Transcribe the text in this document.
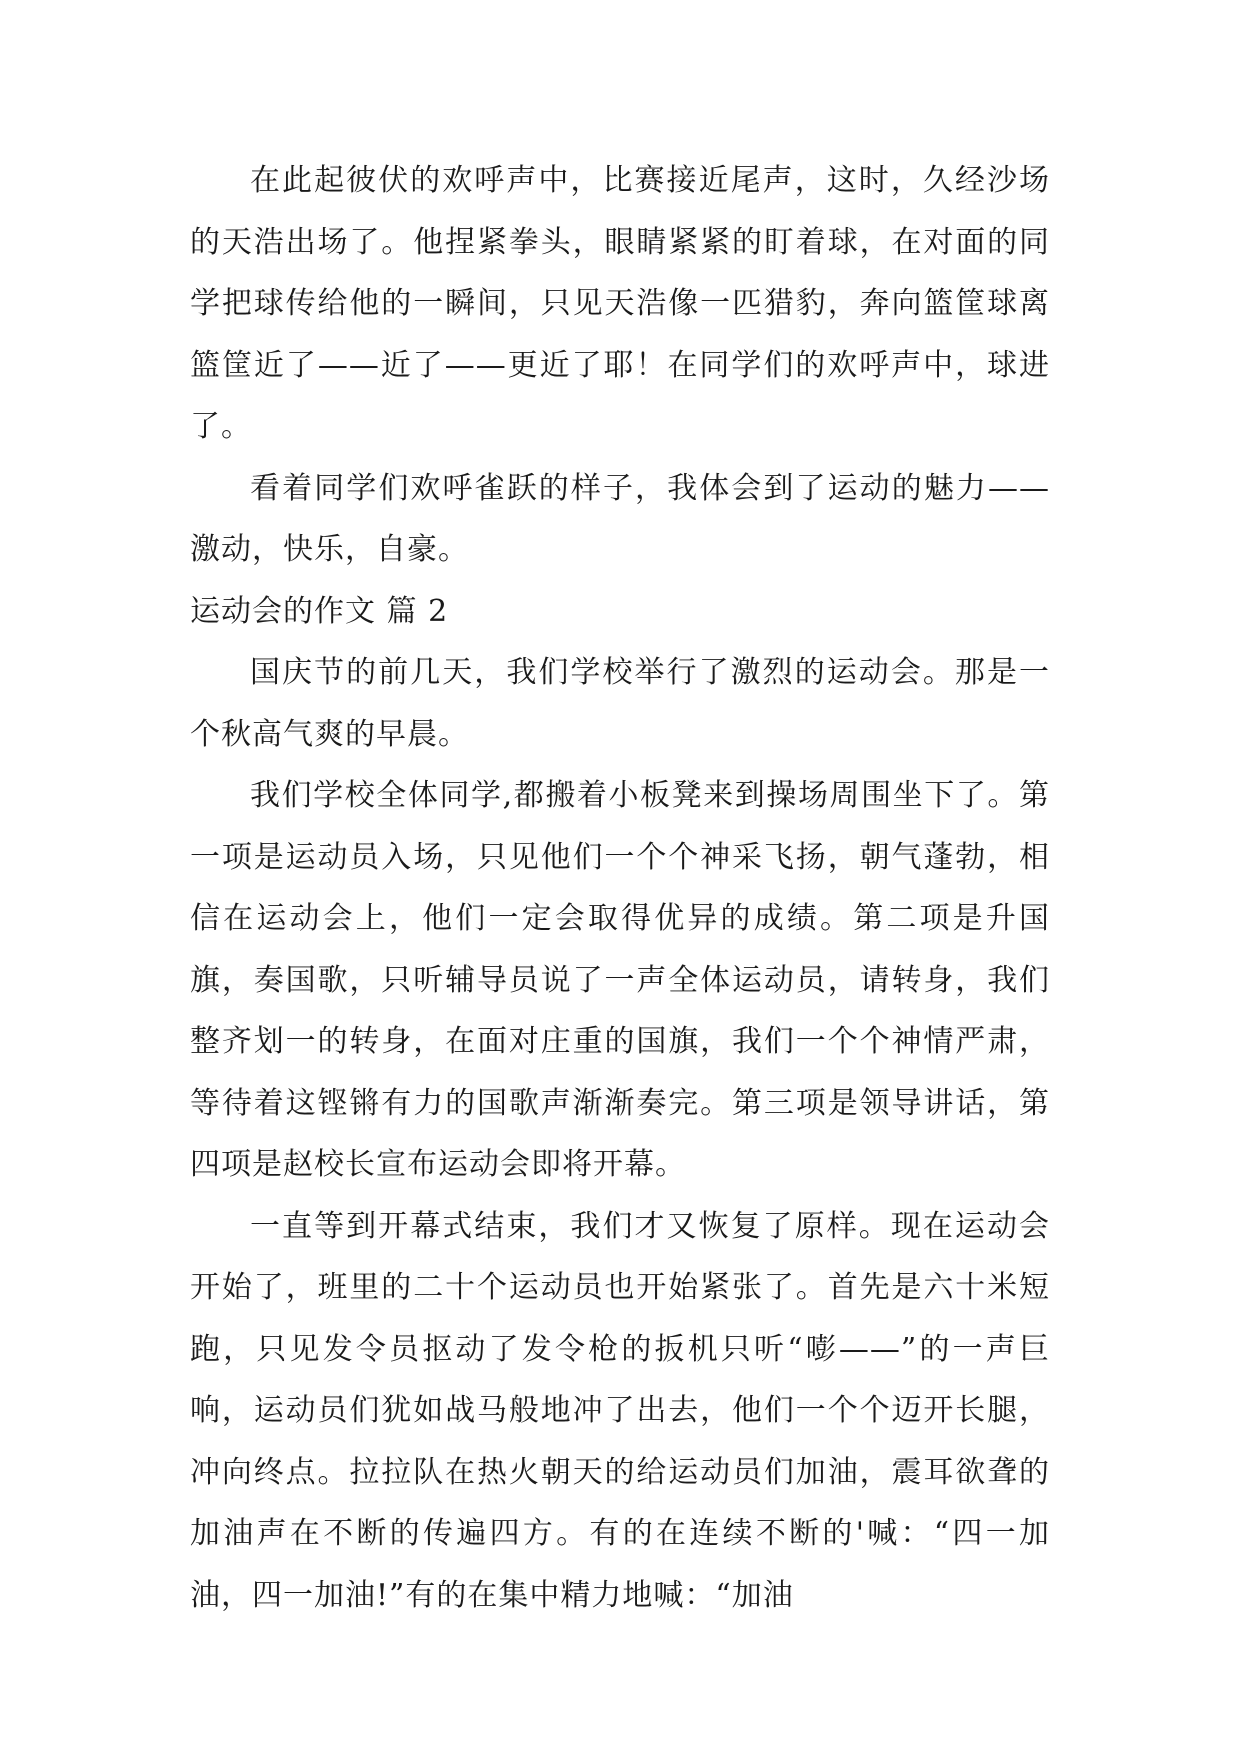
在此起彼伏的欢呼声中，比赛接近尾声，这时，久经沙场的天浩出场了。他捏紧拳头，眼睛紧紧的盯着球，在对面的同学把球传给他的一瞬间，只见天浩像一匹猎豹，奔向篮筐球离篮筐近了——近了——更近了耶！在同学们的欢呼声中，球进了。

看着同学们欢呼雀跃的样子，我体会到了运动的魅力——激动，快乐，自豪。

运动会的作文 篇 2

国庆节的前几天，我们学校举行了激烈的运动会。那是一个秋高气爽的早晨。

我们学校全体同学,都搬着小板凳来到操场周围坐下了。第一项是运动员入场，只见他们一个个神采飞扬，朝气蓬勃，相信在运动会上，他们一定会取得优异的成绩。第二项是升国旗，奏国歌，只听辅导员说了一声全体运动员，请转身，我们整齐划一的转身，在面对庄重的国旗，我们一个个神情严肃，等待着这铿锵有力的国歌声渐渐奏完。第三项是领导讲话，第四项是赵校长宣布运动会即将开幕。

一直等到开幕式结束，我们才又恢复了原样。现在运动会开始了，班里的二十个运动员也开始紧张了。首先是六十米短跑，只见发令员抠动了发令枪的扳机只听“嘭——”的一声巨响，运动员们犹如战马般地冲了出去，他们一个个迈开长腿，冲向终点。拉拉队在热火朝天的给运动员们加油，震耳欲聋的加油声在不断的传遍四方。有的在连续不断的'喊：“四一加油，四一加油!”有的在集中精力地喊：“加油
